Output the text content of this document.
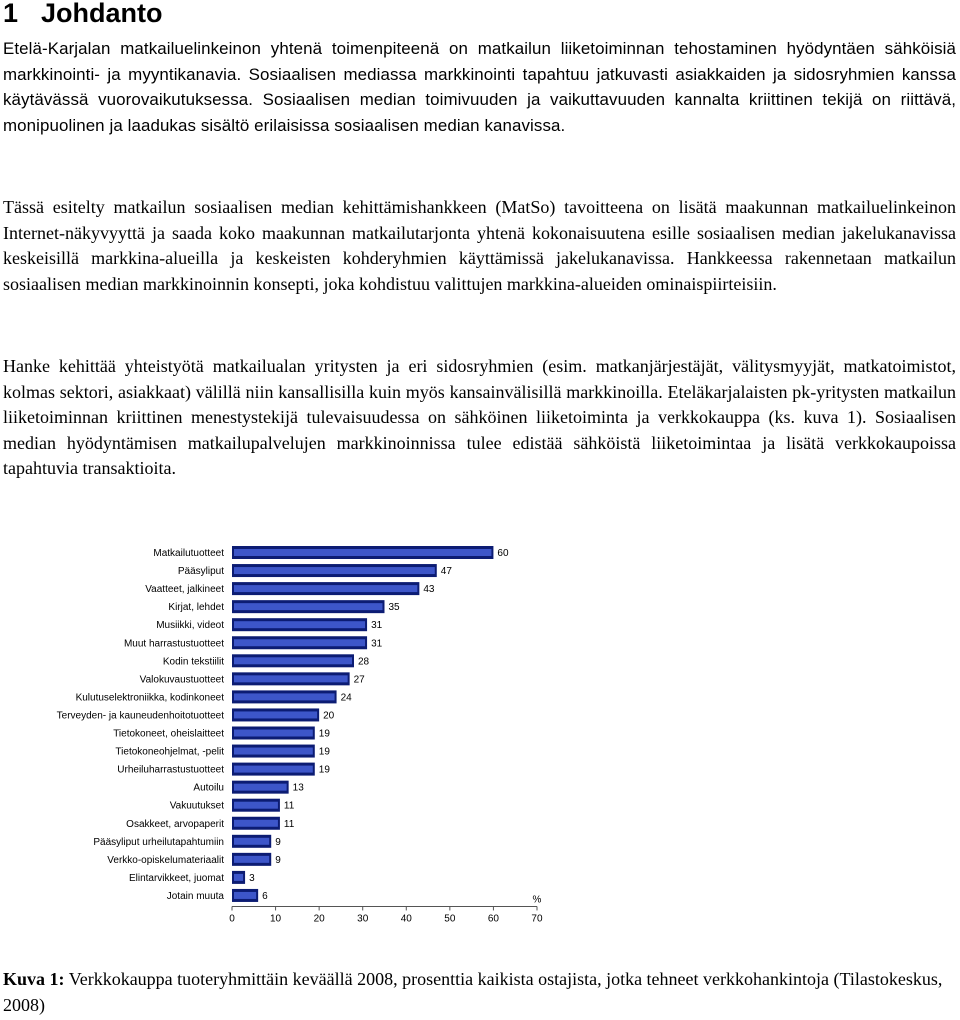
1 Johdanto

Etelä-Karjalan matkailuelinkeinon yhtenä toimenpiteenä on matkailun liiketoiminnan tehostaminen hyödyntäen sähköisiä markkinointi- ja myyntikanavia. Sosiaalisen mediassa markkinointi tapahtuu jatkuvasti asiakkaiden ja sidosryhmien kanssa käytävässä vuorovaikutuksessa. Sosiaalisen median toimivuuden ja vaikuttavuuden kannalta kriittinen tekijä on riittävä, monipuolinen ja laadukas sisältö erilaisissa sosiaalisen median kanavissa.

Tässä esitelty matkailun sosiaalisen median kehittämishankkeen (MatSo) tavoitteena on lisätä maakunnan matkailuelinkeinon Internet-näkyvyyttä ja saada koko maakunnan matkailutarjonta yhtenä kokonaisuutena esille sosiaalisen median jakelukanavissa keskeisillä markkina-alueilla ja keskeisten kohderyhmien käyttämissä jakelukanavissa. Hankkeessa rakennetaan matkailun sosiaalisen median markkinoinnin konsepti, joka kohdistuu valittujen markkina-alueiden ominaispiirteisiin.

Hanke kehittää yhteistyötä matkailualan yritysten ja eri sidosryhmien (esim. matkanjärjestäjät, välitysmyyjät, matkatoimistot, kolmas sektori, asiakkaat) välillä niin kansallisilla kuin myös kansainvälisillä markkinoilla. Eteläkarjalaisten pk-yritysten matkailun liiketoiminnan kriittinen menestystekijä tulevaisuudessa on sähköinen liiketoiminta ja verkkokauppa (ks. kuva 1). Sosiaalisen median hyödyntämisen matkailupalvelujen markkinoinnissa tulee edistää sähköistä liiketoimintaa ja lisätä verkkokaupoissa tapahtuvia transaktioita.

Matkailutuotteet	60
Pääsyliput	47
Vaatteet, jalkineet	43
Kirjat, lehdet	35
Musiikki, videot	31
Muut harrastustuotteet	31
Kodin tekstiilit	28
Valokuvaustuotteet	27
Kulutuselektroniikka, kodinkoneet	24
Terveyden- ja kauneudenhoitotuotteet	20
Tietokoneet, oheislaitteet	19
Tietokoneohjelmat, -pelit	19
Urheiluharrastustuotteet	19
Autoilu	13
Vakuutukset	11
Osakkeet, arvopaperit	11
Pääsyliput urheilutapahtumiin	9
Verkko-opiskelumateriaalit	9
Elintarvikkeet, juomat	3
Jotain muuta	6
0	10	20	30	40	50	60	70
%

Kuva 1: Verkkokauppa tuoteryhmittäin keväällä 2008, prosenttia kaikista ostajista, jotka tehneet verkkohankintoja (Tilastokeskus, 2008)
